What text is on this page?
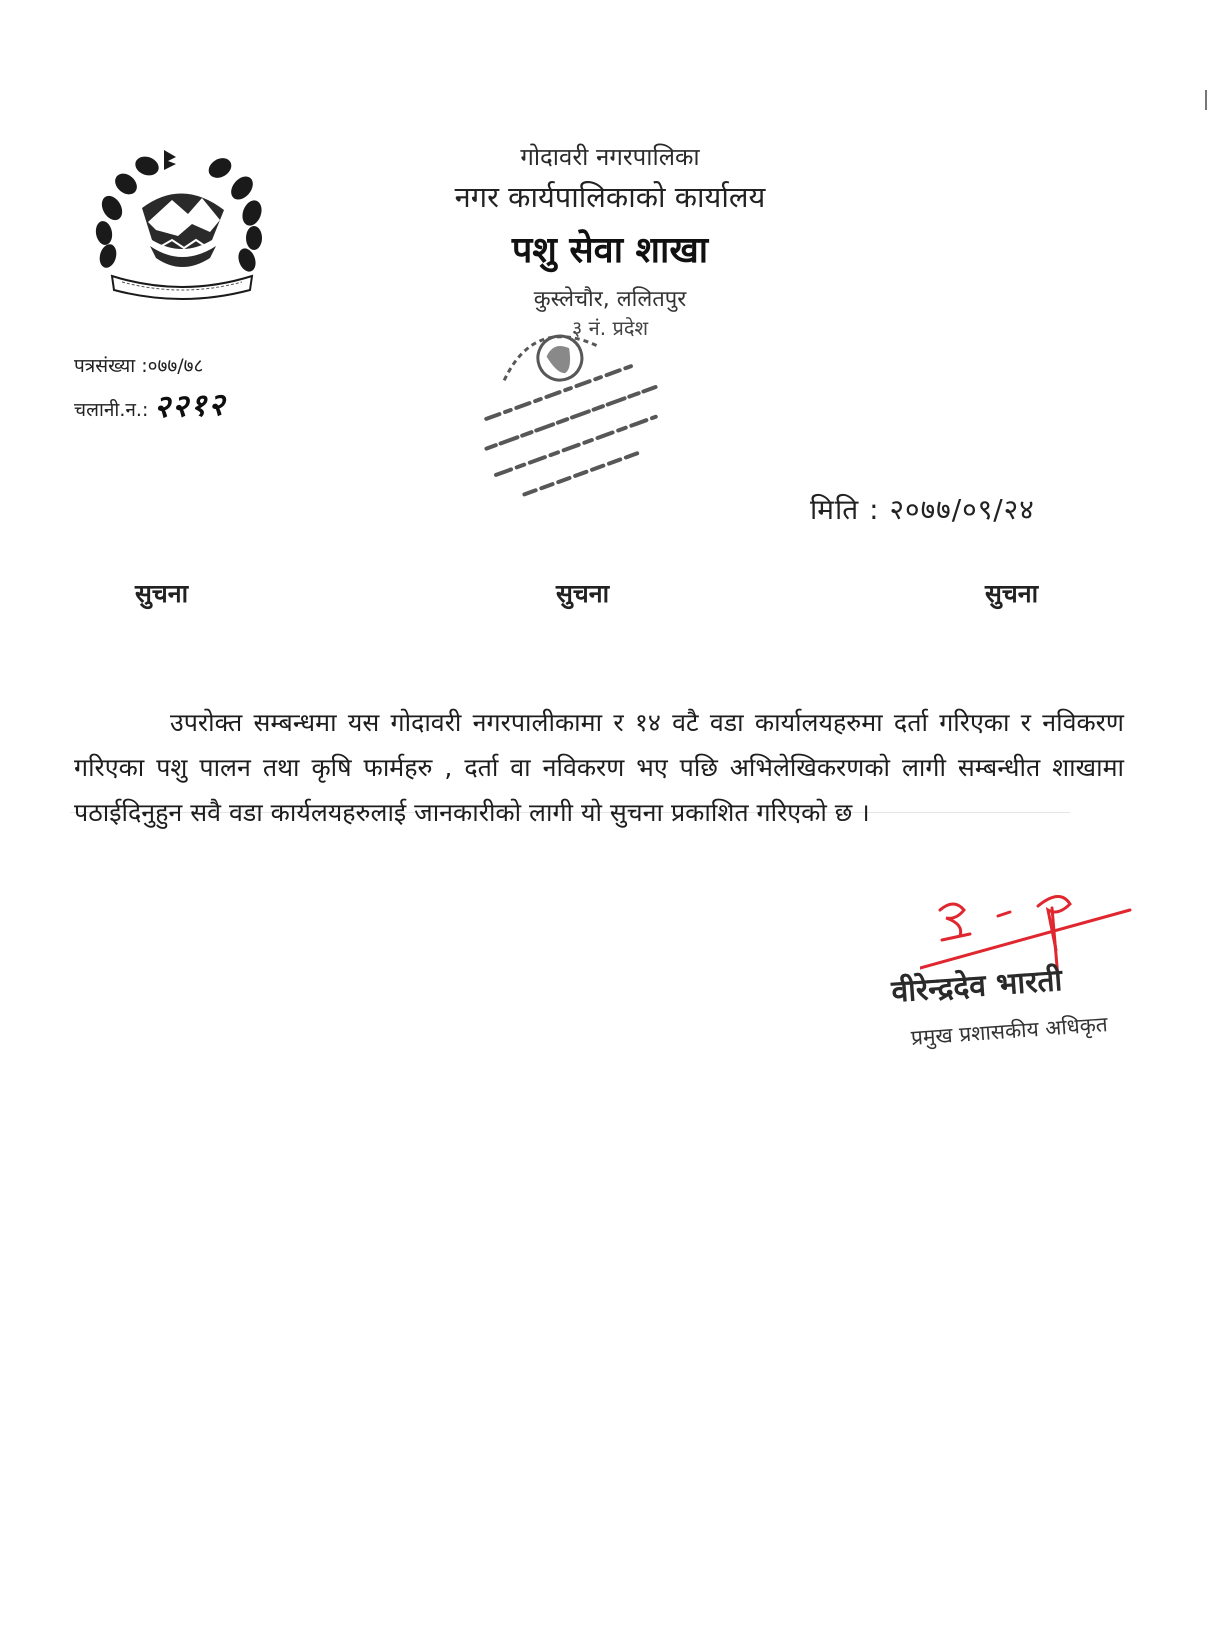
गोदावरी नगरपालिका
नगर कार्यपालिकाको कार्यालय
पशु सेवा शाखा
कुस्लेचौर, ललितपुर
३ नं. प्रदेश
पत्रसंख्या :०७७/७८
चलानी.न.: २२१२
मिति : २०७७/०९/२४
सुचना	सुचना	सुचना
उपरोक्त सम्बन्धमा यस गोदावरी नगरपालीकामा र १४ वटै वडा कार्यालयहरुमा दर्ता गरिएका र नविकरण गरिएका पशु पालन तथा कृषि फार्महरु , दर्ता वा नविकरण भए पछि अभिलेखिकरणको लागी सम्बन्धीत शाखामा पठाईदिनुहुन सवै वडा कार्यलयहरुलाई जानकारीको लागी यो सुचना प्रकाशित गरिएको छ ।
वीरेन्द्रदेव भारती
प्रमुख प्रशासकीय अधिकृत
